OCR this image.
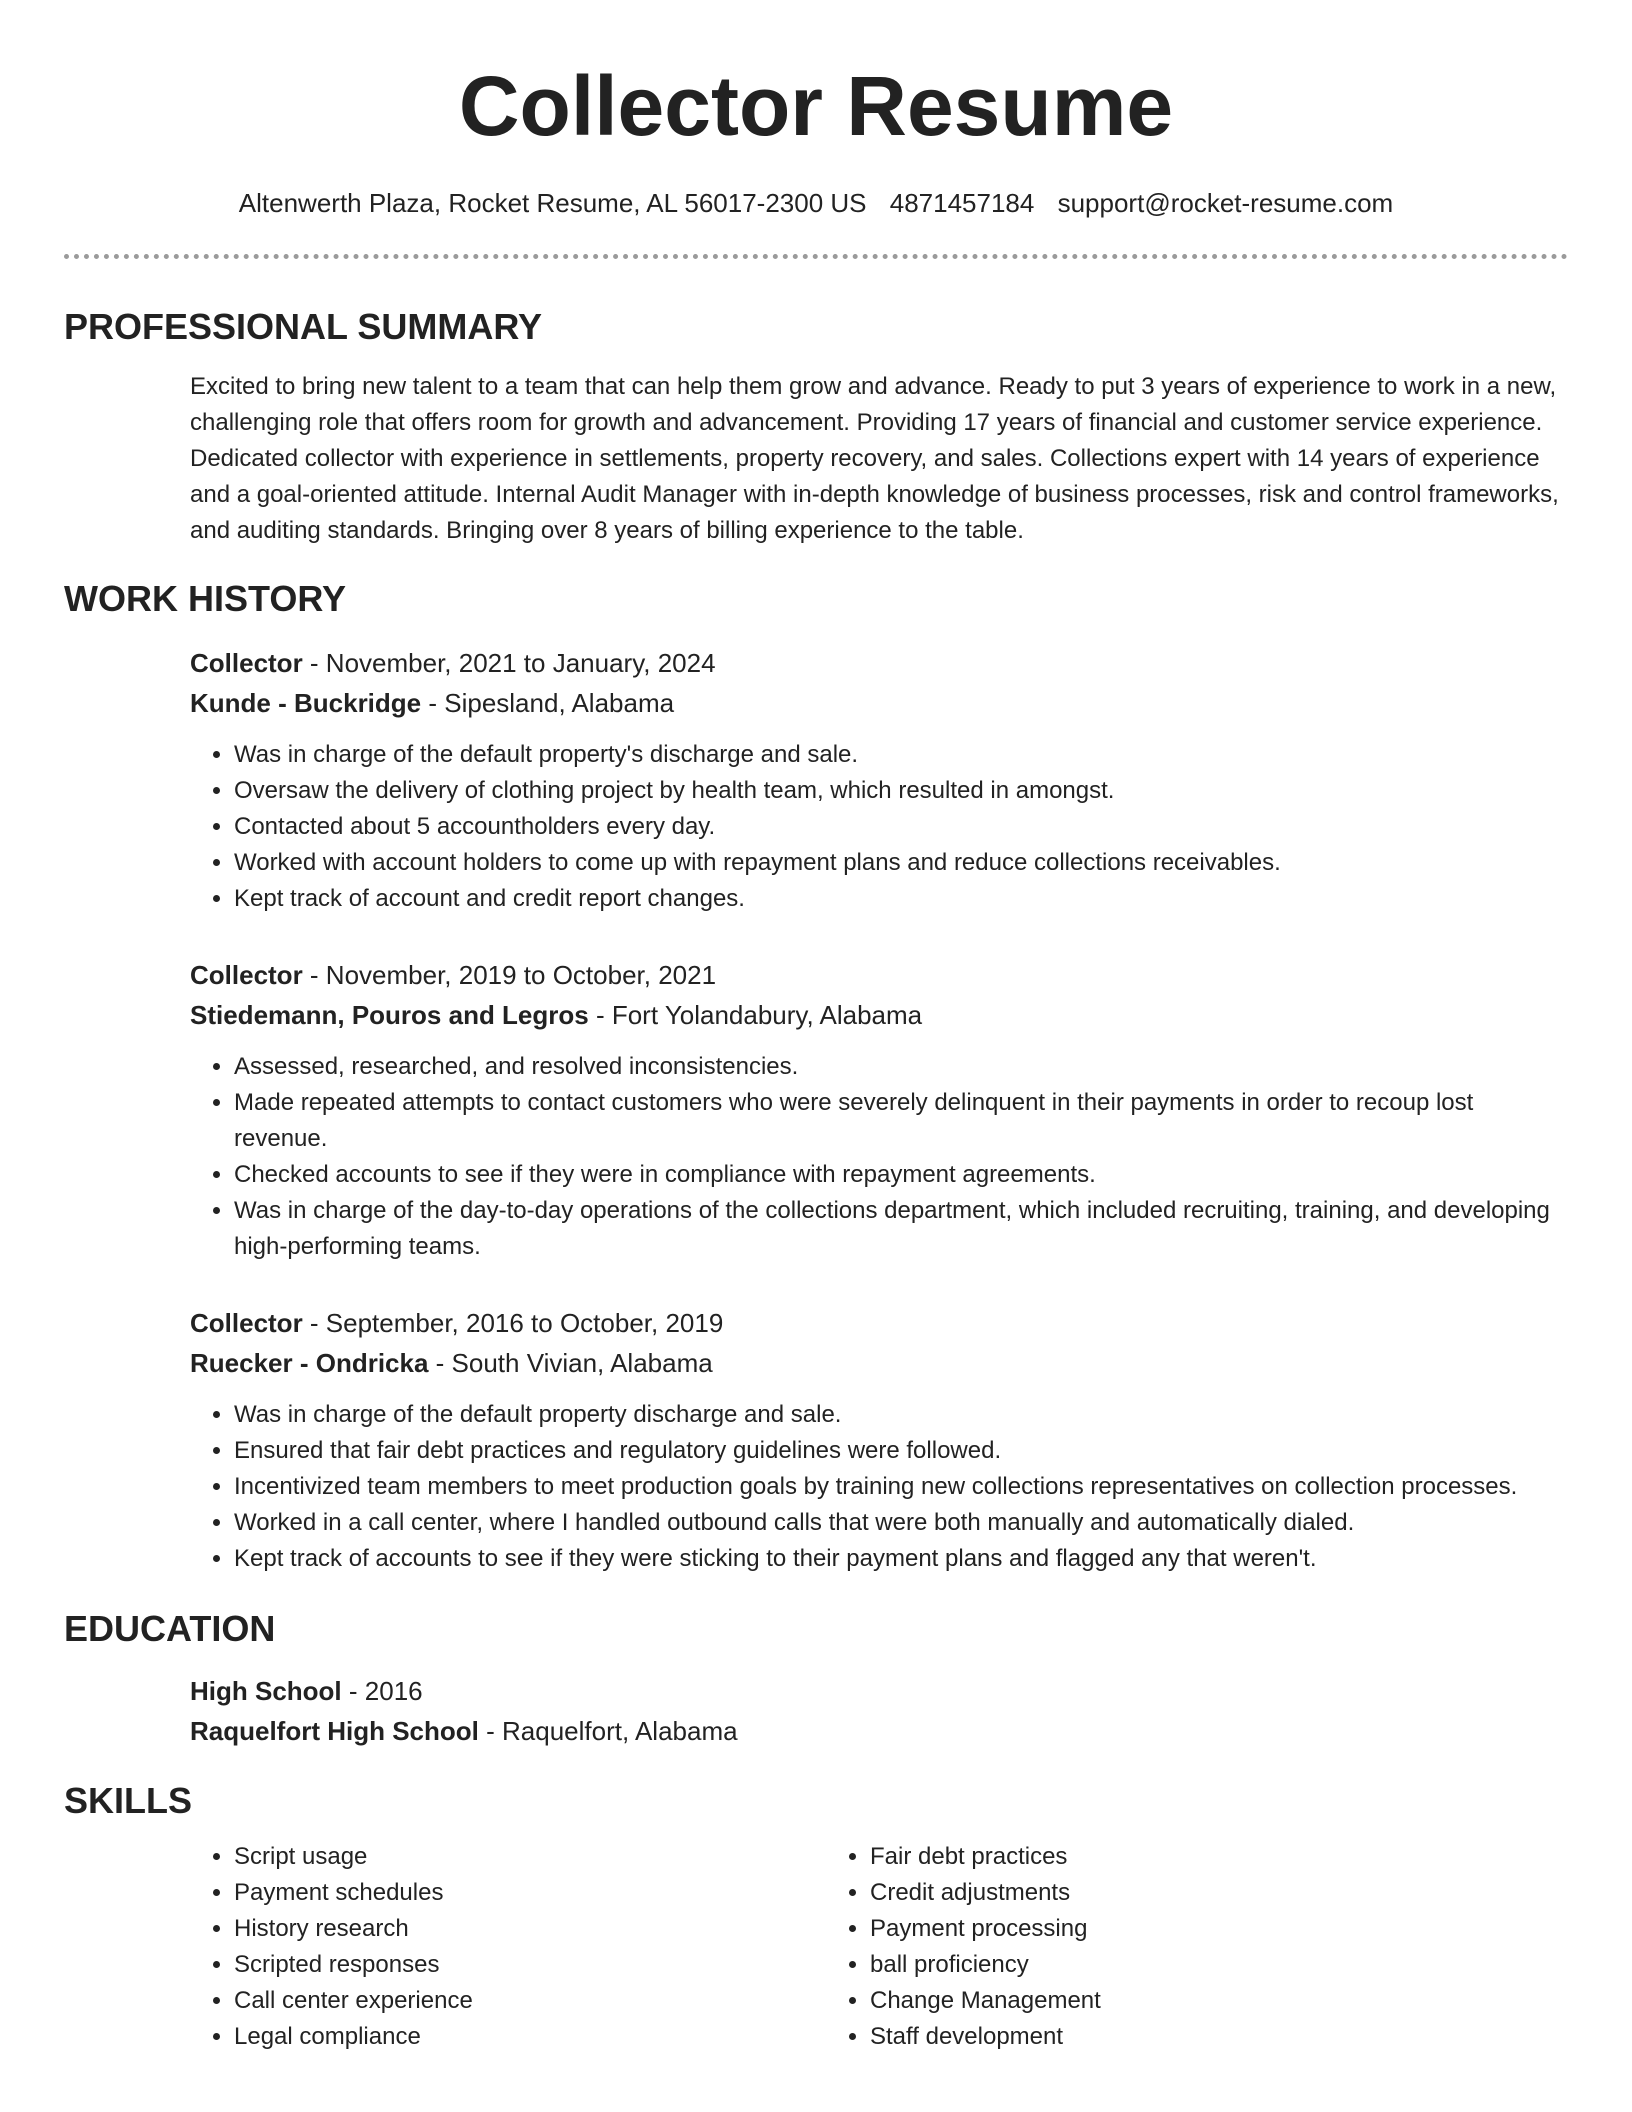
Collector Resume
Altenwerth Plaza, Rocket Resume, AL 56017-2300 US 4871457184 support@rocket-resume.com
PROFESSIONAL SUMMARY

Excited to bring new talent to a team that can help them grow and advance. Ready to put 3 years of experience to work in a new, challenging role that offers room for growth and advancement. Providing 17 years of financial and customer service experience. Dedicated collector with experience in settlements, property recovery, and sales. Collections expert with 14 years of experience and a goal-oriented attitude. Internal Audit Manager with in-depth knowledge of business processes, risk and control frameworks, and auditing standards. Bringing over 8 years of billing experience to the table.

WORK HISTORY
Collector - November, 2021 to January, 2024
Kunde - Buckridge - Sipesland, Alabama
• Was in charge of the default property's discharge and sale.
• Oversaw the delivery of clothing project by health team, which resulted in amongst.
• Contacted about 5 accountholders every day.
• Worked with account holders to come up with repayment plans and reduce collections receivables.
• Kept track of account and credit report changes.
Collector - November, 2019 to October, 2021
Stiedemann, Pouros and Legros - Fort Yolandabury, Alabama
• Assessed, researched, and resolved inconsistencies.
• Made repeated attempts to contact customers who were severely delinquent in their payments in order to recoup lost revenue.
• Checked accounts to see if they were in compliance with repayment agreements.
• Was in charge of the day-to-day operations of the collections department, which included recruiting, training, and developing high-performing teams.
Collector - September, 2016 to October, 2019
Ruecker - Ondricka - South Vivian, Alabama
• Was in charge of the default property discharge and sale.
• Ensured that fair debt practices and regulatory guidelines were followed.
• Incentivized team members to meet production goals by training new collections representatives on collection processes.
• Worked in a call center, where I handled outbound calls that were both manually and automatically dialed.
• Kept track of accounts to see if they were sticking to their payment plans and flagged any that weren't.
EDUCATION
High School - 2016
Raquelfort High School - Raquelfort, Alabama
SKILLS
• Script usage
• Payment schedules
• History research
• Scripted responses
• Call center experience
• Legal compliance
• Fair debt practices
• Credit adjustments
• Payment processing
• ball proficiency
• Change Management
• Staff development
